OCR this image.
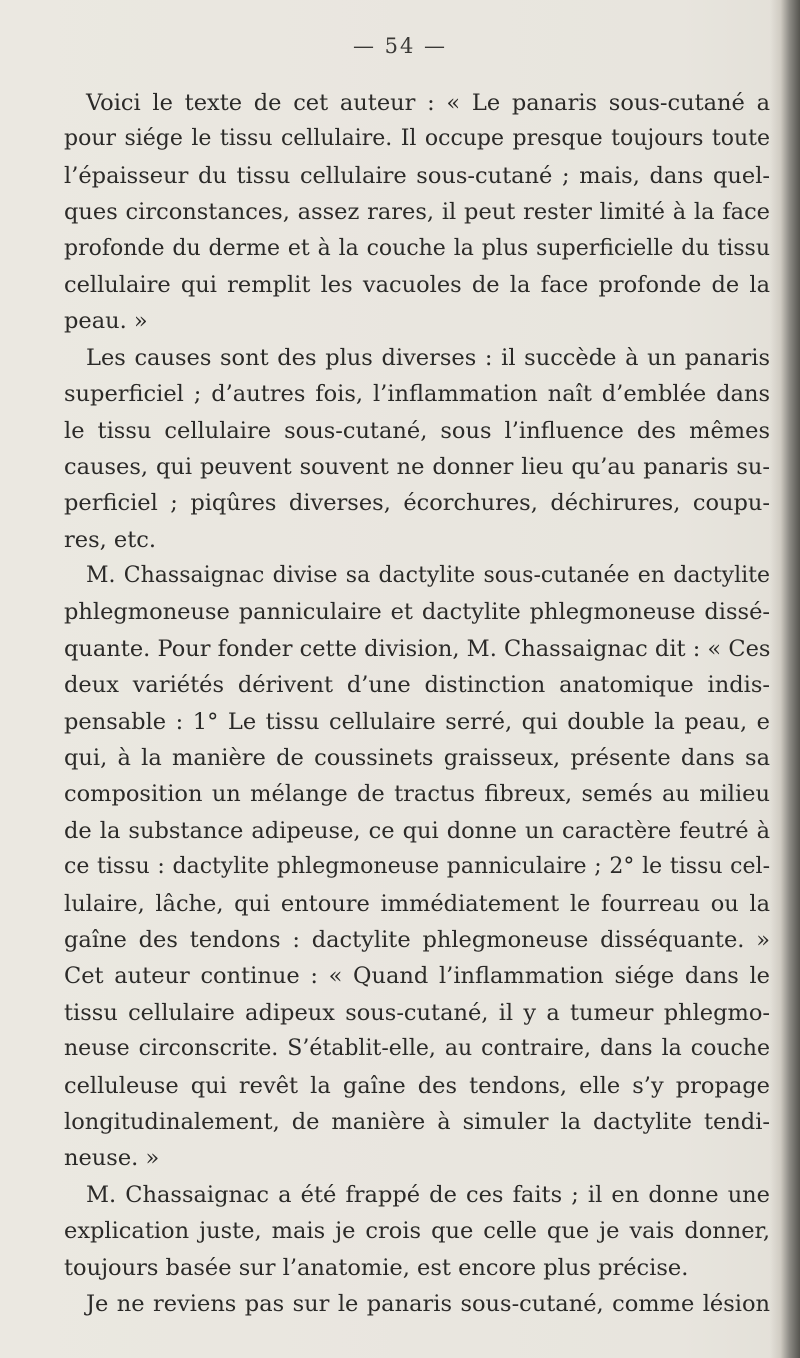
— 54 —
Voici le texte de cet auteur : « Le panaris sous-cutané a
pour siége le tissu cellulaire. Il occupe presque toujours toute
l’épaisseur du tissu cellulaire sous-cutané ; mais, dans quel-
ques circonstances, assez rares, il peut rester limité à la face
profonde du derme et à la couche la plus superficielle du tissu
cellulaire qui remplit les vacuoles de la face profonde de la
peau. »
Les causes sont des plus diverses : il succède à un panaris
superficiel ; d’autres fois, l’inflammation naît d’emblée dans
le tissu cellulaire sous-cutané, sous l’influence des mêmes
causes, qui peuvent souvent ne donner lieu qu’au panaris su-
perficiel ; piqûres diverses, écorchures, déchirures, coupu-
res, etc.
M. Chassaignac divise sa dactylite sous-cutanée en dactylite
phlegmoneuse panniculaire et dactylite phlegmoneuse dissé-
quante. Pour fonder cette division, M. Chassaignac dit : « Ces
deux variétés dérivent d’une distinction anatomique indis-
pensable : 1° Le tissu cellulaire serré, qui double la peau, e
qui, à la manière de coussinets graisseux, présente dans sa
composition un mélange de tractus fibreux, semés au milieu
de la substance adipeuse, ce qui donne un caractère feutré à
ce tissu : dactylite phlegmoneuse panniculaire ; 2° le tissu cel-
lulaire, lâche, qui entoure immédiatement le fourreau ou la
gaîne des tendons : dactylite phlegmoneuse disséquante. »
Cet auteur continue : « Quand l’inflammation siége dans le
tissu cellulaire adipeux sous-cutané, il y a tumeur phlegmo-
neuse circonscrite. S’établit-elle, au contraire, dans la couche
celluleuse qui revêt la gaîne des tendons, elle s’y propage
longitudinalement, de manière à simuler la dactylite tendi-
neuse. »
M. Chassaignac a été frappé de ces faits ; il en donne une
explication juste, mais je crois que celle que je vais donner,
toujours basée sur l’anatomie, est encore plus précise.
Je ne reviens pas sur le panaris sous-cutané, comme lésion
